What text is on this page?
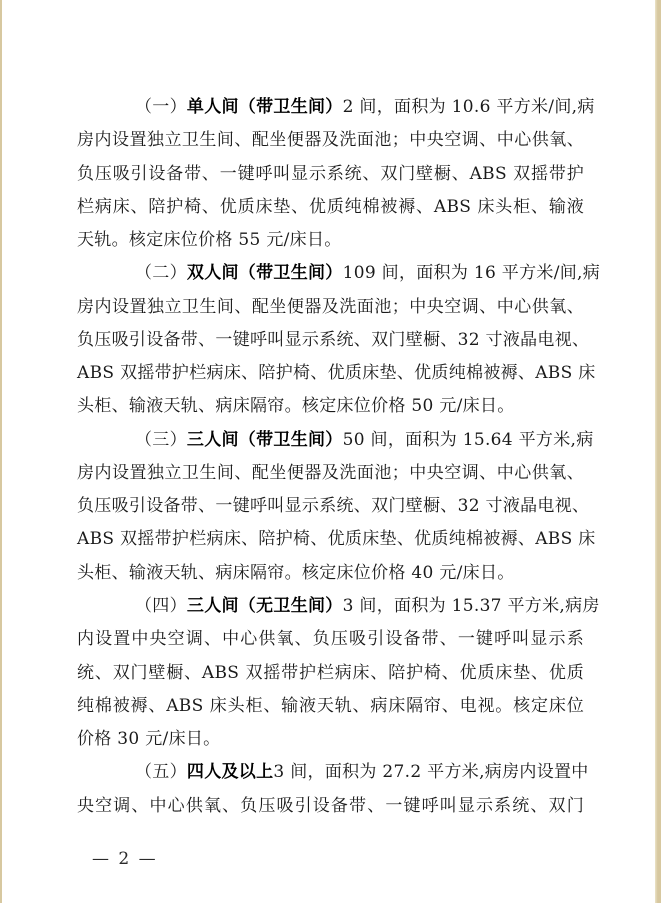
（一）单人间（带卫生间）2 间，面积为 10.6 平方米/间,病
房内设置独立卫生间、配坐便器及洗面池；中央空调、中心供氧、
负压吸引设备带、一键呼叫显示系统、双门壁橱、ABS 双摇带护
栏病床、陪护椅、优质床垫、优质纯棉被褥、ABS 床头柜、输液
天轨。核定床位价格 55 元/床日。
（二）双人间（带卫生间）109 间，面积为 16 平方米/间,病
房内设置独立卫生间、配坐便器及洗面池；中央空调、中心供氧、
负压吸引设备带、一键呼叫显示系统、双门壁橱、32 寸液晶电视、
ABS 双摇带护栏病床、陪护椅、优质床垫、优质纯棉被褥、ABS 床
头柜、输液天轨、病床隔帘。核定床位价格 50 元/床日。
（三）三人间（带卫生间）50 间，面积为 15.64 平方米,病
房内设置独立卫生间、配坐便器及洗面池；中央空调、中心供氧、
负压吸引设备带、一键呼叫显示系统、双门壁橱、32 寸液晶电视、
ABS 双摇带护栏病床、陪护椅、优质床垫、优质纯棉被褥、ABS 床
头柜、输液天轨、病床隔帘。核定床位价格 40 元/床日。
（四）三人间（无卫生间）3 间，面积为 15.37 平方米,病房
内设置中央空调、中心供氧、负压吸引设备带、一键呼叫显示系
统、双门壁橱、ABS 双摇带护栏病床、陪护椅、优质床垫、优质
纯棉被褥、ABS 床头柜、输液天轨、病床隔帘、电视。核定床位
价格 30 元/床日。
（五）四人及以上3 间，面积为 27.2 平方米,病房内设置中
央空调、中心供氧、负压吸引设备带、一键呼叫显示系统、双门
— 2 —
